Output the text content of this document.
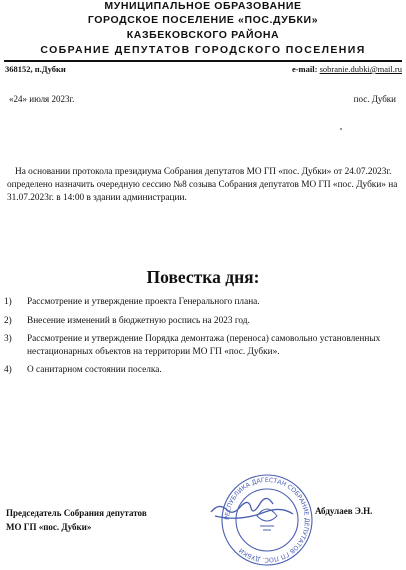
МУНИЦИПАЛЬНОЕ ОБРАЗОВАНИЕ
ГОРОДСКОЕ ПОСЕЛЕНИЕ «ПОС.ДУБКИ»
КАЗБЕКОВСКОГО РАЙОНА
СОБРАНИЕ ДЕПУТАТОВ ГОРОДСКОГО ПОСЕЛЕНИЯ
368152, п.Дубки	e-mail: sobranie.dubki@mail.ru
«24» июля 2023г.	пос. Дубки
На основании протокола президиума Собрания депутатов МО ГП «пос. Дубки» от 24.07.2023г. определено назначить очередную сессию №8 созыва Собрания депутатов МО ГП «пос. Дубки» на 31.07.2023г. в 14:00 в здании администрации.
Повестка дня:
1) Рассмотрение и утверждение проекта Генерального плана.
2) Внесение изменений в бюджетную роспись на 2023 год.
3) Рассмотрение и утверждение Порядка демонтажа (переноса) самовольно установленных нестационарных объектов на территории МО ГП «пос. Дубки».
4) О санитарном состоянии поселка.
РЕСПУБЛИКА ДАГЕСТАН СОБРАНИЕ ДЕПУТАТОВ ГП ПОС. ДУБКИ
Председатель Собрания депутатов
МО ГП «пос. Дубки»
Абдулаев Э.Н.
